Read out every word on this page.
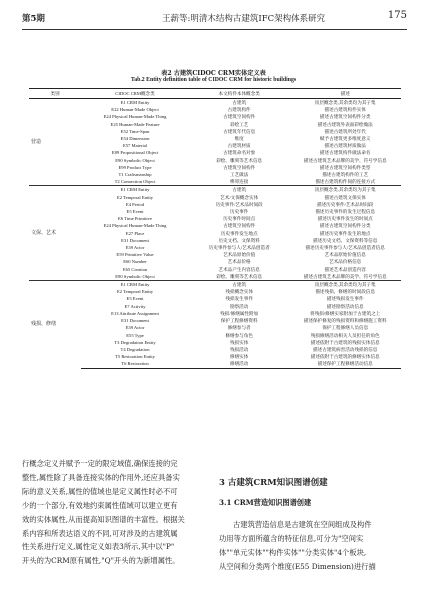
第5期	王薪等:明清木结构古建筑IFC架构体系研究	175
表2 古建筑CIDOC CRM实体定义表
Tab.2 Entity definition table of CIDOC CRM for historic buildings
类别	CIDOC CRM概念类	本文构件本体概念类	描述
营造	E1 CRM Entity	古建筑	顶层概念类,其余类均为其子集
	E22 Human-Made Object	古建筑构件	描述古建筑构件实体
	E24 Physical Human-Made Thing	古建筑空间构件	描述古建筑空间构件分类
	E25 Human-Made Feature	彩绘工艺	描述古建筑外表面彩绘做法
	E52 Time-Span	古建筑年代信息	描述古建筑所处年代
	E54 Dimension	维度	赋予古建筑更多维度意义
	E57 Material	古建筑材质	描述古建筑材质做法
	E89 Propositional Object	古建筑命名对象	描述古建筑构件做法命名
	E90 Symbolic Object	彩绘、雕刻等艺术信息	描述古建筑艺术品牌的美学、符号学信息
	E99 Product Type	古建筑空间构件	描述古建筑空间构件类型
	T1 Craftsmanship	工艺做法	描述古建筑构件的工艺
	T2 Connection Object	榫卯连接	描述古建筑构件间的连接方式
文保、艺术	E1 CRM Entity	古建筑	顶层概念类,其余类均为其子集
	E2 Temporal Entity	艺术/文保概念实体	描述古建筑文保实体
	E4 Period	历史事件/艺术品时间段	描述历史事件/艺术品时间段
	E5 Event	历史事件	描述历史事件的发生过程信息
	E6 Time Primitive	历史事件时间点	描述历史事件发生的时间点
	E24 Physical Human-Made Thing	古建筑空间构件	描述古建筑空间构件分类
	E27 Place	历史事件发生地点	描述历史事件发生的地点
	E31 Document	历史文档、文保资料	描述历史文档、文保资料等信息
	E39 Actor	历史事件参与人/艺术品创造者	描述历史事件参与人/艺术品创造者信息
	E59 Primitive Value	艺术品原始价值	艺术品原始价值信息
	E60 Number	艺术品价格	艺术品价格信息
	E65 Creation	艺术品产生内容信息	描述艺术品创造内容
	E90 Symbolic Object	彩绘、雕刻等艺术信息	描述古建筑艺术品牌的美学、符号学信息
残损、修缮	E1 CRM Entity	古建筑	顶层概念类,其余类均为其子集
	E2 Temporal Entity	残损概念实体	描述残损、修缮的时间段信息
	E5 Event	残损发生事件	描述残损发生事件
	E7 Activity	勘察活动	描述勘察活动信息
	E13 Attribute Assignment	残损/修缮属性附加	将残损/修缮实家附加于古建筑之上
	E31 Document	保护工程修缮资料	描述保护修复的残损资料和修缮施工资料
	E39 Actor	修缮参与者	保护工程修缮人员信息
	E55 Type	修缮参与角色	残损修缮活动相关人员担任的角色
	T3 Degradation Entity	残损实体	描述依附于古建筑的残损实体信息
	T4 Degradation	残损活动	描述古建筑病害活动残损的信息
	T5 Restoration Entity	修缮实体	描述依附于古建筑的修缮实体信息
	T6 Restoration	修缮活动	描述保护工程修缮活动信息

行概念定义并赋予一定的限定域值,确保连接的完

整性,属性除了具备连接实体的作用外,还应具备实

际的意义关系,属性的值域也是定义属性时必不可

少的一个部分,有效地约束属性值域可以建立更有

效的实体属性,从而提高知识图谱的丰富性。根据关

系内容和所表达语义的不同,可对涉及的古建筑属

性关系进行定义,属性定义如表3所示,其中以"P"

开头的为CRM原有属性,"Q"开头的为新增属性。

3 古建筑CRM知识图谱创建
3.1 CRM营造知识图谱创建

古建筑营造信息是古建筑在空间组成及构件

功用等方面所蕴含的特征信息,可分为"空间实

体""单元实体""构件实体""分类实体"4个板块,

从空间和分类两个维度(E55 Dimension)进行描
